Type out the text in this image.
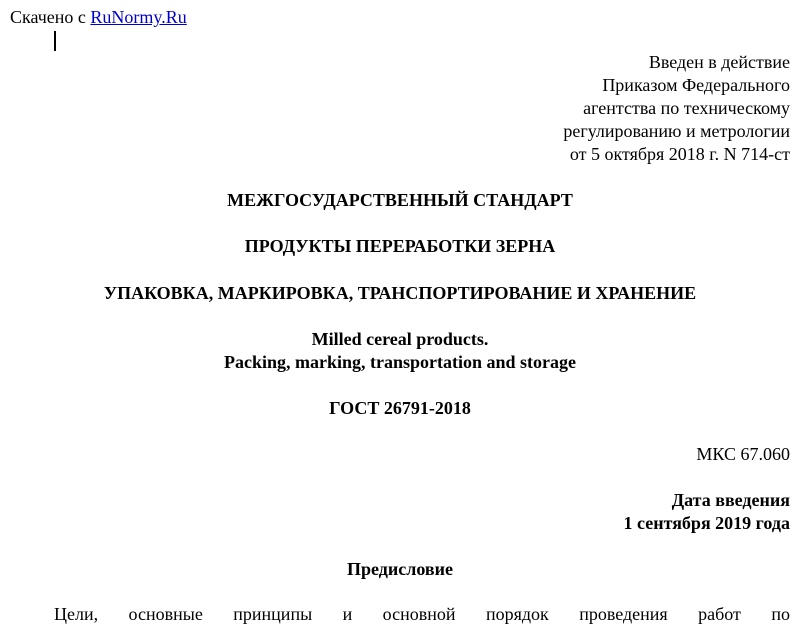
Скачено с RuNormy.Ru
Введен в действие
Приказом Федерального
агентства по техническому
регулированию и метрологии
от 5 октября 2018 г. N 714-ст
МЕЖГОСУДАРСТВЕННЫЙ СТАНДАРТ
ПРОДУКТЫ ПЕРЕРАБОТКИ ЗЕРНА
УПАКОВКА, МАРКИРОВКА, ТРАНСПОРТИРОВАНИЕ И ХРАНЕНИЕ
Milled cereal products.
Packing, marking, transportation and storage
ГОСТ 26791-2018
МКС 67.060
Дата введения
1 сентября 2019 года
Предисловие
Цели, основные принципы и основной порядок проведения работ по
